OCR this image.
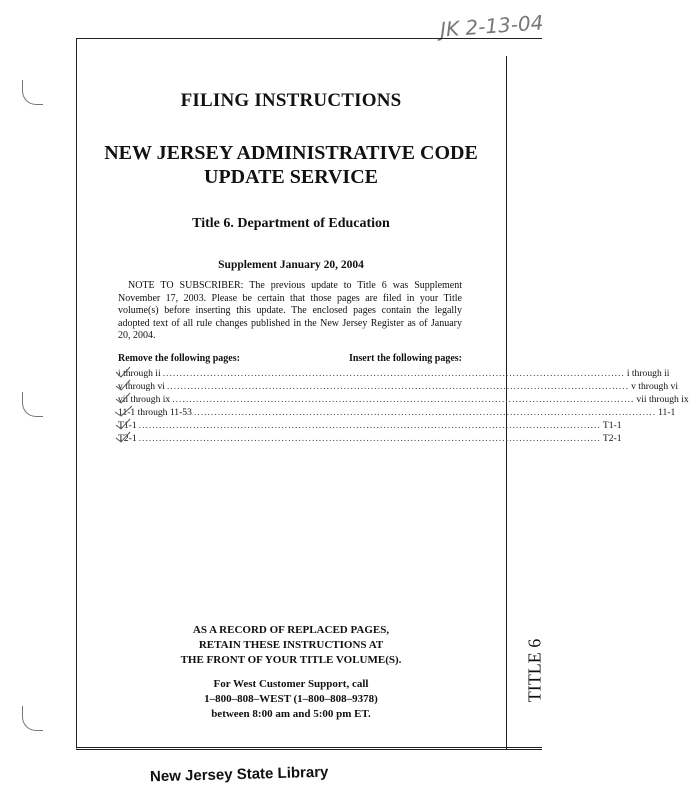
JK 2-13-04
FILING INSTRUCTIONS
NEW JERSEY ADMINISTRATIVE CODE
UPDATE SERVICE
Title 6. Department of Education
Supplement January 20, 2004
NOTE TO SUBSCRIBER: The previous update to Title 6 was Supplement November 17, 2003. Please be certain that those pages are filed in your Title volume(s) before inserting this update. The enclosed pages contain the legally adopted text of all rule changes published in the New Jersey Register as of January 20, 2004.
Remove the following pages:	Insert the following pages:
i through ii ........................................................................................................................................ i through ii
v through vi ........................................................................................................................................ v through vi
vii through ix ........................................................................................................................................ vii through ix
11-1 through 11-53 ........................................................................................................................................ 11-1
T1-1 ........................................................................................................................................ T1-1
T2-1 ........................................................................................................................................ T2-1
AS A RECORD OF REPLACED PAGES,
RETAIN THESE INSTRUCTIONS AT
THE FRONT OF YOUR TITLE VOLUME(S).
For West Customer Support, call
1–800–808–WEST (1–800–808–9378)
between 8:00 am and 5:00 pm ET.
TITLE 6
New Jersey State Library
